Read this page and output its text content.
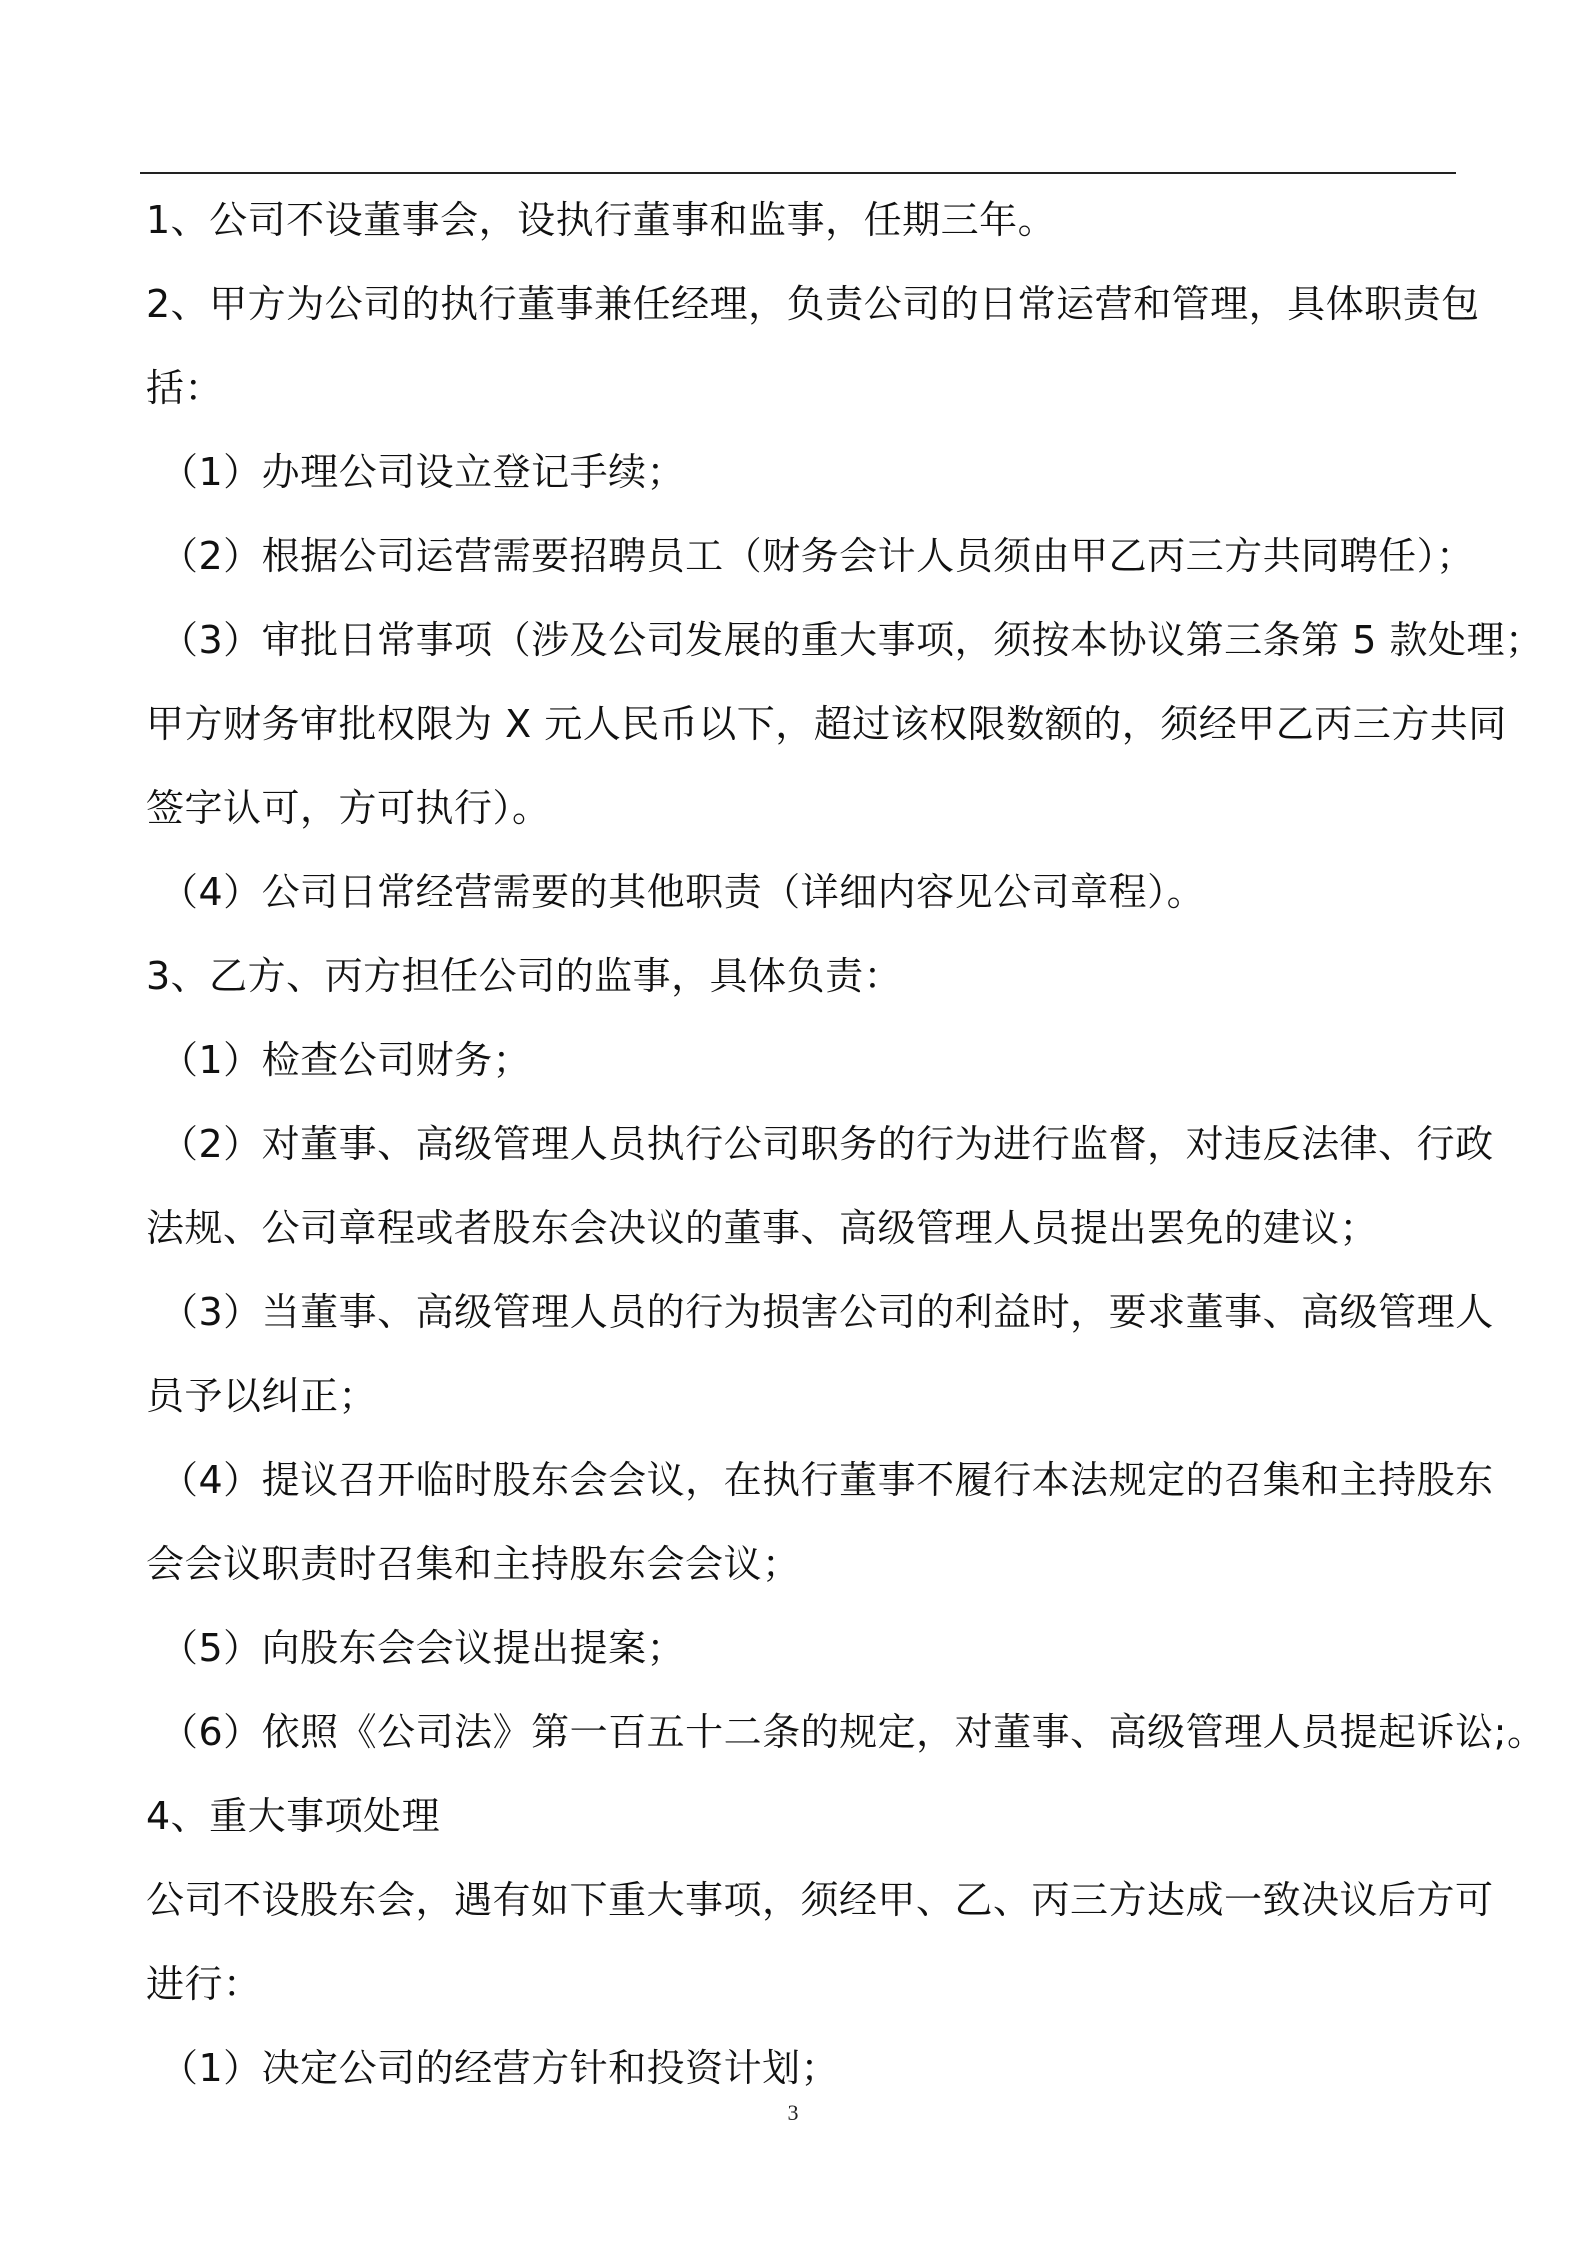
1、公司不设董事会，设执行董事和监事，任期三年。
2、甲方为公司的执行董事兼任经理，负责公司的日常运营和管理，具体职责包
括：
（1）办理公司设立登记手续；
（2）根据公司运营需要招聘员工（财务会计人员须由甲乙丙三方共同聘任）；
（3）审批日常事项（涉及公司发展的重大事项，须按本协议第三条第 5 款处理；
甲方财务审批权限为 X 元人民币以下，超过该权限数额的，须经甲乙丙三方共同
签字认可，方可执行）。
（4）公司日常经营需要的其他职责（详细内容见公司章程）。
3、乙方、丙方担任公司的监事，具体负责：
（1）检查公司财务；
（2）对董事、高级管理人员执行公司职务的行为进行监督，对违反法律、行政
法规、公司章程或者股东会决议的董事、高级管理人员提出罢免的建议；
（3）当董事、高级管理人员的行为损害公司的利益时，要求董事、高级管理人
员予以纠正；
（4）提议召开临时股东会会议，在执行董事不履行本法规定的召集和主持股东
会会议职责时召集和主持股东会会议；
（5）向股东会会议提出提案；
（6）依照《公司法》第一百五十二条的规定，对董事、高级管理人员提起诉讼;。
4、重大事项处理
公司不设股东会，遇有如下重大事项，须经甲、乙、丙三方达成一致决议后方可
进行：
（1）决定公司的经营方针和投资计划；
3
